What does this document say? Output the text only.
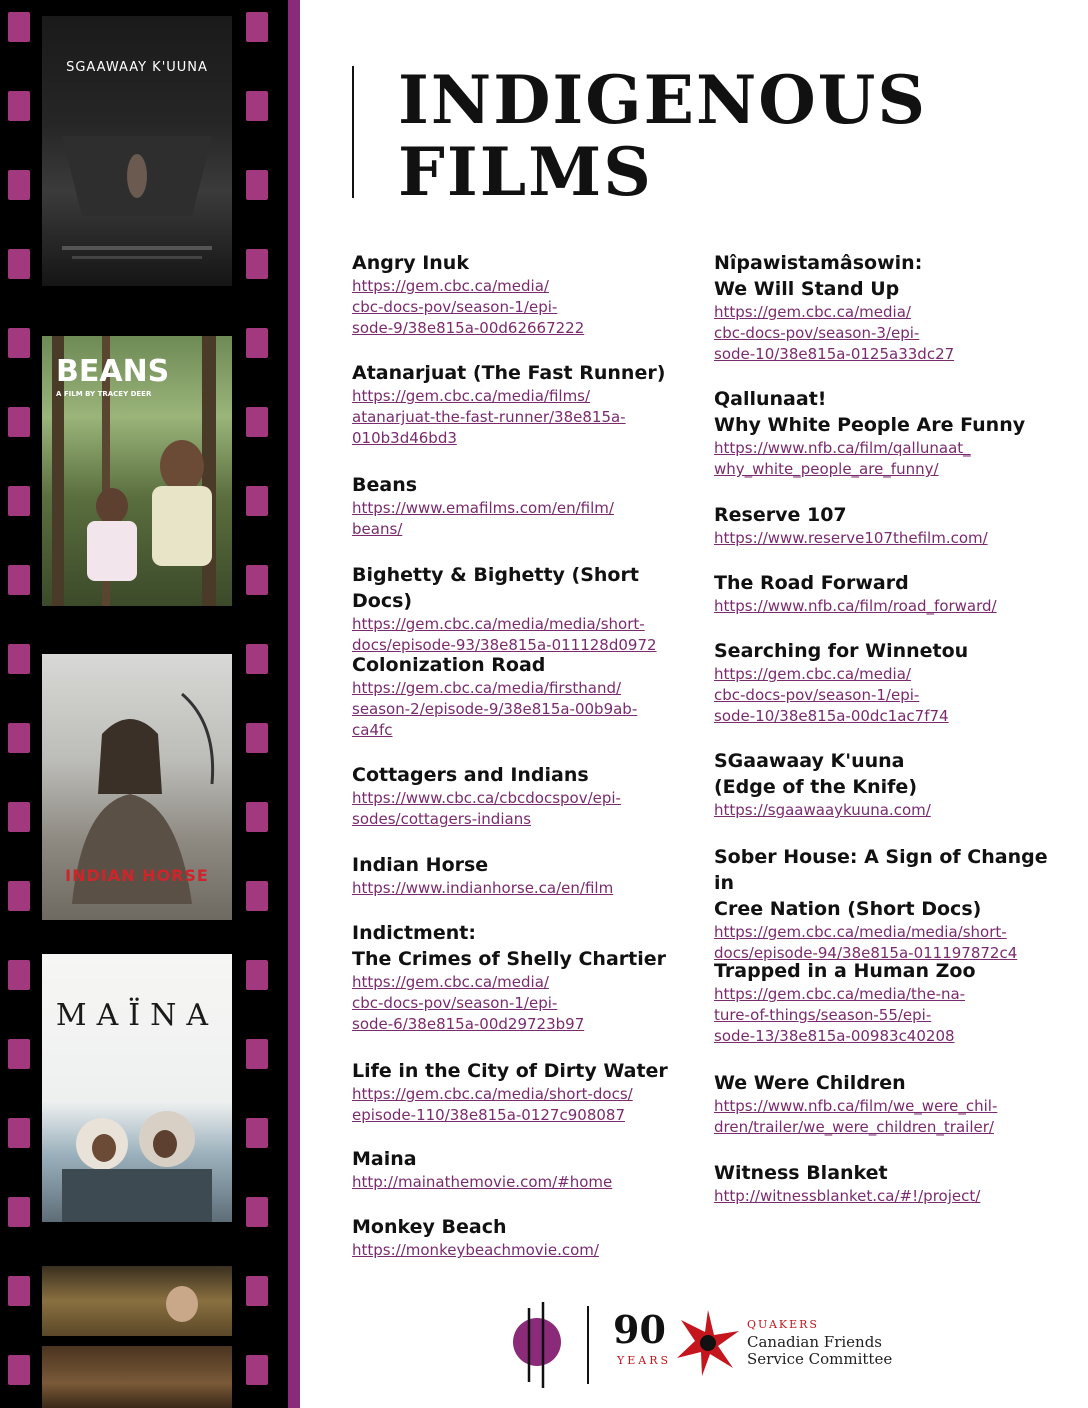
SGAAWAAY K'UUNA
BEANS
A FILM BY TRACEY DEER
INDIAN HORSE
MAÏNA
INDIGENOUS
FILMS
Angry Inuk
https://gem.cbc.ca/media/
cbc-docs-pov/season-1/epi-
sode-9/38e815a-00d62667222
Atanarjuat (The Fast Runner)
https://gem.cbc.ca/media/films/
atanarjuat-the-fast-runner/38e815a-
010b3d46bd3
Beans
https://www.emafilms.com/en/film/
beans/
Bighetty & Bighetty (Short Docs)
https://gem.cbc.ca/media/media/short-
docs/episode-93/38e815a-011128d0972
Colonization Road
https://gem.cbc.ca/media/firsthand/
season-2/episode-9/38e815a-00b9ab-
ca4fc
Cottagers and Indians
https://www.cbc.ca/cbcdocspov/epi-
sodes/cottagers-indians
Indian Horse
https://www.indianhorse.ca/en/film
Indictment:
The Crimes of Shelly Chartier
https://gem.cbc.ca/media/
cbc-docs-pov/season-1/epi-
sode-6/38e815a-00d29723b97
Life in the City of Dirty Water
https://gem.cbc.ca/media/short-docs/
episode-110/38e815a-0127c908087
Maina
http://mainathemovie.com/#home
Monkey Beach
https://monkeybeachmovie.com/
Nîpawistamâsowin:
We Will Stand Up
https://gem.cbc.ca/media/
cbc-docs-pov/season-3/epi-
sode-10/38e815a-0125a33dc27
Qallunaat!
Why White People Are Funny
https://www.nfb.ca/film/qallunaat_
why_white_people_are_funny/
Reserve 107
https://www.reserve107thefilm.com/
The Road Forward
https://www.nfb.ca/film/road_forward/
Searching for Winnetou
https://gem.cbc.ca/media/
cbc-docs-pov/season-1/epi-
sode-10/38e815a-00dc1ac7f74
SGaawaay K'uuna
(Edge of the Knife)
https://sgaawaaykuuna.com/
Sober House: A Sign of Change in
Cree Nation (Short Docs)
https://gem.cbc.ca/media/media/short-
docs/episode-94/38e815a-011197872c4
Trapped in a Human Zoo
https://gem.cbc.ca/media/the-na-
ture-of-things/season-55/epi-
sode-13/38e815a-00983c40208
We Were Children
https://www.nfb.ca/film/we_were_chil-
dren/trailer/we_were_children_trailer/
Witness Blanket
http://witnessblanket.ca/#!/project/
90
YEARS
QUAKERS
Canadian Friends
Service Committee
